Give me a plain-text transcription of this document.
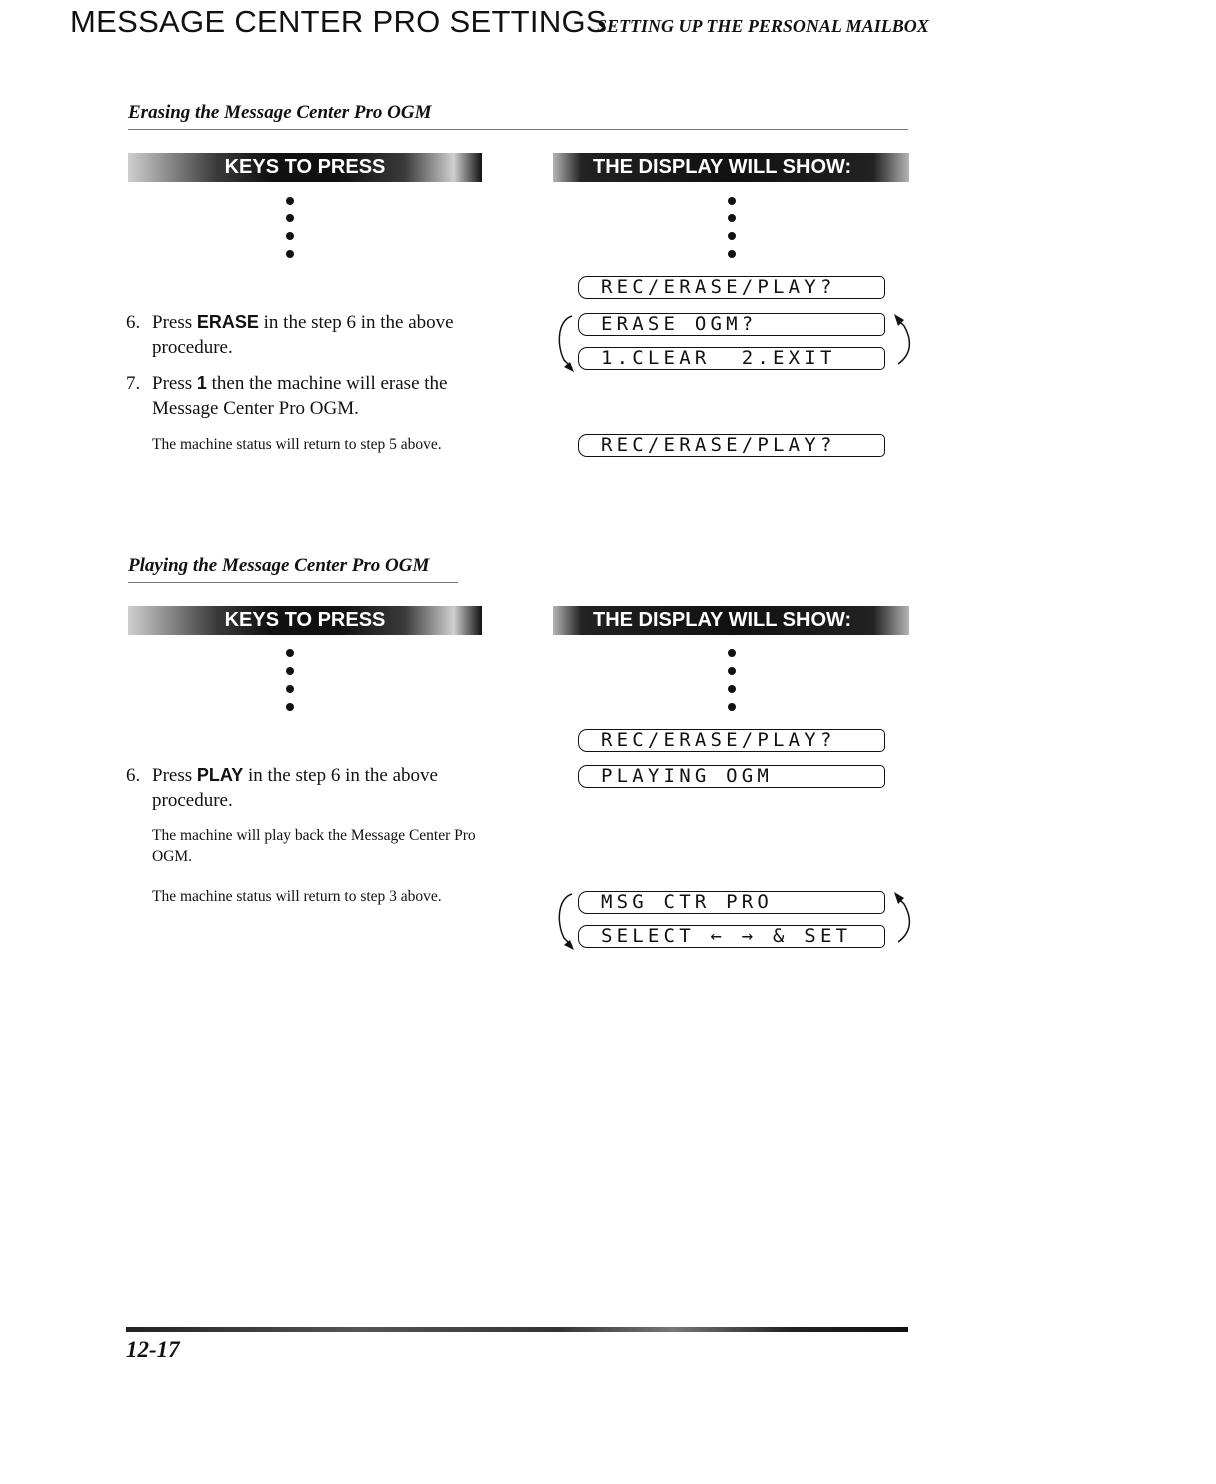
MESSAGE CENTER PRO SETTINGS
SETTING UP THE PERSONAL MAILBOX
Erasing the Message Center Pro OGM
KEYS TO PRESS	THE DISPLAY WILL SHOW:
6. Press ERASE in the step 6 in the above procedure.
7. Press 1 then the machine will erase the Message Center Pro OGM.
The machine status will return to step 5 above.
REC/ERASE/PLAY?
ERASE OGM?
1.CLEAR  2.EXIT
REC/ERASE/PLAY?
Playing the Message Center Pro OGM
KEYS TO PRESS	THE DISPLAY WILL SHOW:
6. Press PLAY in the step 6 in the above procedure.
The machine will play back the Message Center Pro OGM.
The machine status will return to step 3 above.
REC/ERASE/PLAY?
PLAYING OGM
MSG CTR PRO
SELECT ← → & SET
12-17
